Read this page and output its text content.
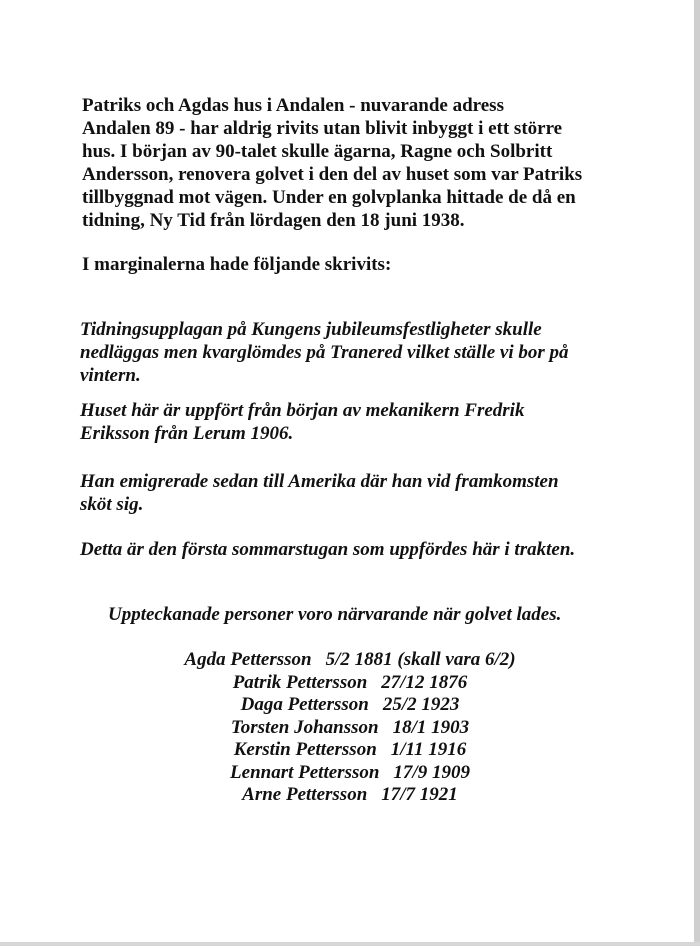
Patriks och Agdas hus i Andalen - nuvarande adress
Andalen 89 - har aldrig rivits utan blivit inbyggt i ett större
hus. I början av 90-talet skulle ägarna, Ragne och Solbritt
Andersson, renovera golvet i den del av huset som var Patriks
tillbyggnad mot vägen. Under en golvplanka hittade de då en
tidning, Ny Tid från lördagen den 18 juni 1938.

I marginalerna hade följande skrivits:

Tidningsupplagan på Kungens jubileumsfestligheter skulle
nedläggas men kvarglömdes på Tranered vilket ställe vi bor på
vintern.

Huset här är uppfört från början av mekanikern Fredrik
Eriksson från Lerum 1906.

Han emigrerade sedan till Amerika där han vid framkomsten
sköt sig.

Detta är den första sommarstugan som uppfördes här i trakten.

Uppteckanade personer voro närvarande när golvet lades.

Agda Pettersson 5/2 1881 (skall vara 6/2)
Patrik Pettersson 27/12 1876
Daga Pettersson 25/2 1923
Torsten Johansson 18/1 1903
Kerstin Pettersson 1/11 1916
Lennart Pettersson 17/9 1909
Arne Pettersson 17/7 1921
